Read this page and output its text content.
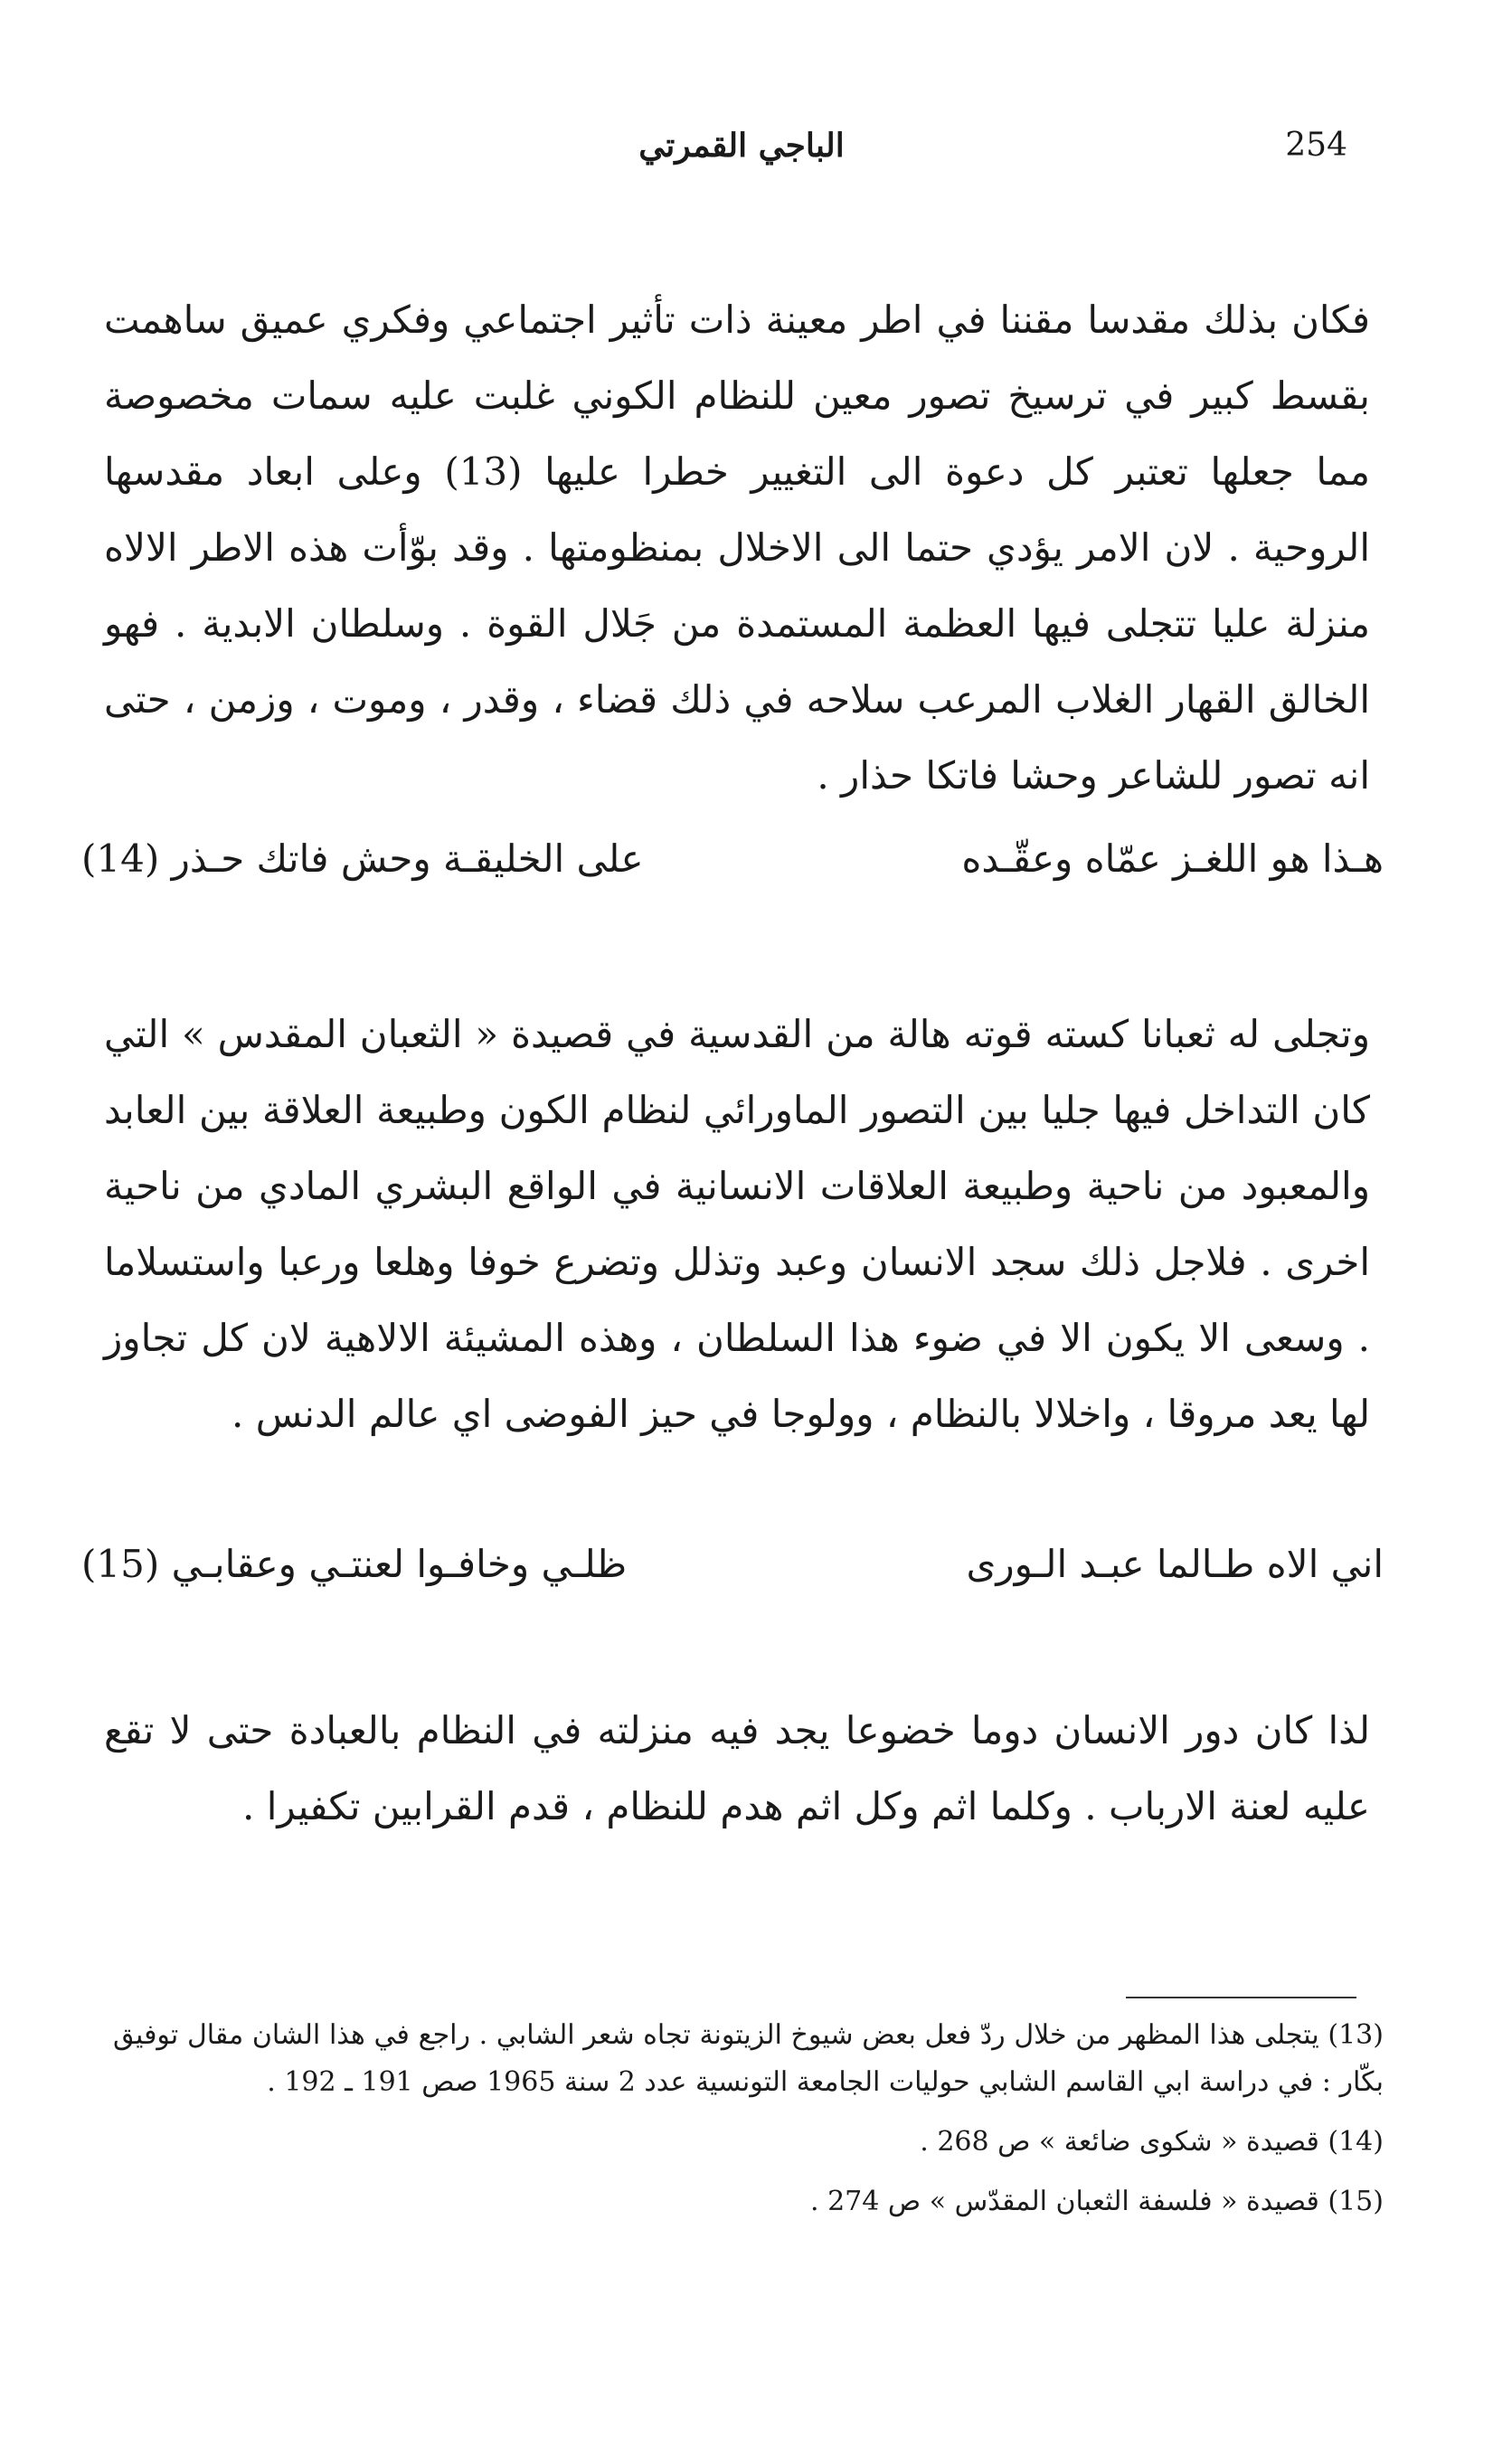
254
الباجي القمرتي

فكان بذلك مقدسا مقننا في اطر معينة ذات تأثير اجتماعي وفكري عميق ساهمت بقسط كبير في ترسيخ تصور معين للنظام الكوني غلبت عليه سمات مخصوصة مما جعلها تعتبر كل دعوة الى التغيير خطرا عليها (13) وعلى ابعاد مقدسها الروحية . لان الامر يؤدي حتما الى الاخلال بمنظومتها . وقد بوّأت هذه الاطر الالاه منزلة عليا تتجلى فيها العظمة المستمدة من جَلال القوة . وسلطان الابدية . فهو الخالق القهار الغلاب المرعب سلاحه في ذلك قضاء ، وقدر ، وموت ، وزمن ، حتى انه تصور للشاعر وحشا فاتكا حذار .

هـذا هو اللغـز عمّاه وعقّـده
على الخليقـة وحش فاتك حـذر (14)

وتجلى له ثعبانا كسته قوته هالة من القدسية في قصيدة « الثعبان المقدس » التي كان التداخل فيها جليا بين التصور الماورائي لنظام الكون وطبيعة العلاقة بين العابد والمعبود من ناحية وطبيعة العلاقات الانسانية في الواقع البشري المادي من ناحية اخرى . فلاجل ذلك سجد الانسان وعبد وتذلل وتضرع خوفا وهلعا ورعبا واستسلاما . وسعى الا يكون الا في ضوء هذا السلطان ، وهذه المشيئة الالاهية لان كل تجاوز لها يعد مروقا ، واخلالا بالنظام ، وولوجا في حيز الفوضى اي عالم الدنس .

اني الاه طـالما عبـد الـورى
ظلـي وخافـوا لعنتـي وعقابـي (15)

لذا كان دور الانسان دوما خضوعا يجد فيه منزلته في النظام بالعبادة حتى لا تقع عليه لعنة الارباب . وكلما اثم وكل اثم هدم للنظام ، قدم القرابين تكفيرا .

(13) يتجلى هذا المظهر من خلال ردّ فعل بعض شيوخ الزيتونة تجاه شعر الشابي . راجع في هذا الشان مقال توفيق بكّار : في دراسة ابي القاسم الشابي حوليات الجامعة التونسية عدد 2 سنة 1965 صص 191 ـ 192 .

(14) قصيدة « شكوى ضائعة » ص 268 .

(15) قصيدة « فلسفة الثعبان المقدّس » ص 274 .
